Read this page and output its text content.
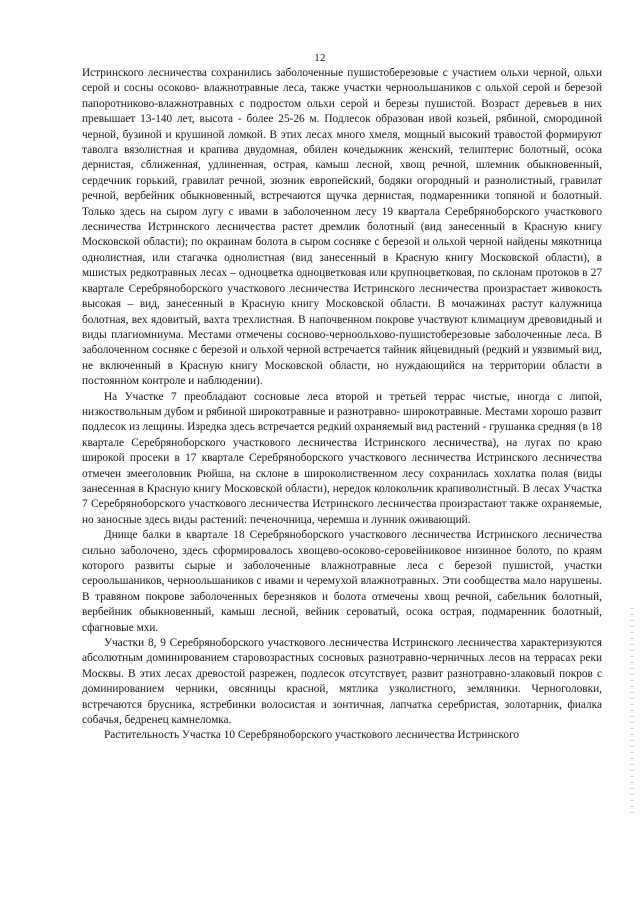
12

Истринского лесничества сохранились заболоченные пушистоберезовые с участием ольхи черной, ольхи серой и сосны осоково- влажнотравные леса, также участки черноольшаников с ольхой серой и березой папоротниково-влажнотравных с подростом ольхи серой и березы пушистой. Возраст деревьев в них превышает 13-140 лет, высота - более 25-26 м. Подлесок образован ивой козьей, рябиной, смородиной черной, бузиной и крушиной ломкой. В этих лесах много хмеля, мощный высокий травостой формируют таволга вязолистная и крапива двудомная, обилен кочедыжник женский, телиптерис болотный, осока дернистая, сближенная, удлиненная, острая, камыш лесной, хвощ речной, шлемник обыкновенный, сердечник горький, гравилат речной, зюзник европейский, бодяки огородный и разнолистный, гравилат речной, вербейник обыкновенный, встречаются щучка дернистая, подмаренники топяной и болотный. Только здесь на сыром лугу с ивами в заболоченном лесу 19 квартала Серебряноборского участкового лесничества Истринского лесничества растет дремлик болотный (вид занесенный в Красную книгу Московской области); по окраинам болота в сыром сосняке с березой и ольхой черной найдены мякотница однолистная, или стагачка однолистная (вид занесенный в Красную книгу Московской области), в мшистых редкотравных лесах – одноцветка одноцветковая или крупноцветковая, по склонам протоков в 27 квартале Серебряноборского участкового лесничества Истринского лесничества произрастает живокость высокая – вид, занесенный в Красную книгу Московской области. В мочажинах растут калужница болотная, вех ядовитый, вахта трехлистная. В напочвенном покрове участвуют климациум древовидный и виды плагиомниума. Местами отмечены сосново-черноольхово-пушистоберезовые заболоченные леса. В заболоченном сосняке с березой и ольхой черной встречается тайник яйцевидный (редкий и уязвимый вид, не включенный в Красную книгу Московской области, но нуждающийся на территории области в постоянном контроле и наблюдении).

На Участке 7 преобладают сосновые леса второй и третьей террас чистые, иногда с липой, низкоствольным дубом и рябиной широкотравные и разнотравно- широкотравные. Местами хорошо развит подлесок из лещины. Изредка здесь встречается редкий охраняемый вид растений - грушанка средняя (в 18 квартале Серебряноборского участкового лесничества Истринского лесничества), на лугах по краю широкой просеки в 17 квартале Серебряноборского участкового лесничества Истринского лесничества отмечен змееголовник Рюйша, на склоне в широколиственном лесу сохранилась хохлатка полая (виды занесенная в Красную книгу Московской области), нередок колокольчик крапиволистный. В лесах Участка 7 Серебряноборского участкового лесничества Истринского лесничества произрастают также охраняемые, но заносные здесь виды растений: печеночница, черемша и лунник оживающий.

Днище балки в квартале 18 Серебряноборского участкового лесничества Истринского лесничества сильно заболочено, здесь сформировалось хвощево-осоково-серовейниковое низинное болото, по краям которого развиты сырые и заболоченные влажнотравные леса с березой пушистой, участки сероольшаников, черноольшаников с ивами и черемухой влажнотравных. Эти сообщества мало нарушены. В травяном покрове заболоченных березняков и болота отмечены хвощ речной, сабельник болотный, вербейник обыкновенный, камыш лесной, вейник сероватый, осока острая, подмаренник болотный, сфагновые мхи.

Участки 8, 9 Серебряноборского участкового лесничества Истринского лесничества характеризуются абсолютным доминированием старовозрастных сосновых разнотравно-черничных лесов на террасах реки Москвы. В этих лесах древостой разрежен, подлесок отсутствует, развит разнотравно-злаковый покров с доминированием черники, овсяницы красной, мятлика узколистного, земляники. Черноголовки, встречаются брусника, ястребинки волосистая и зонтичная, лапчатка серебристая, золотарник, фиалка собачья, бедренец камнеломка.

Растительность Участка 10 Серебряноборского участкового лесничества Истринского
